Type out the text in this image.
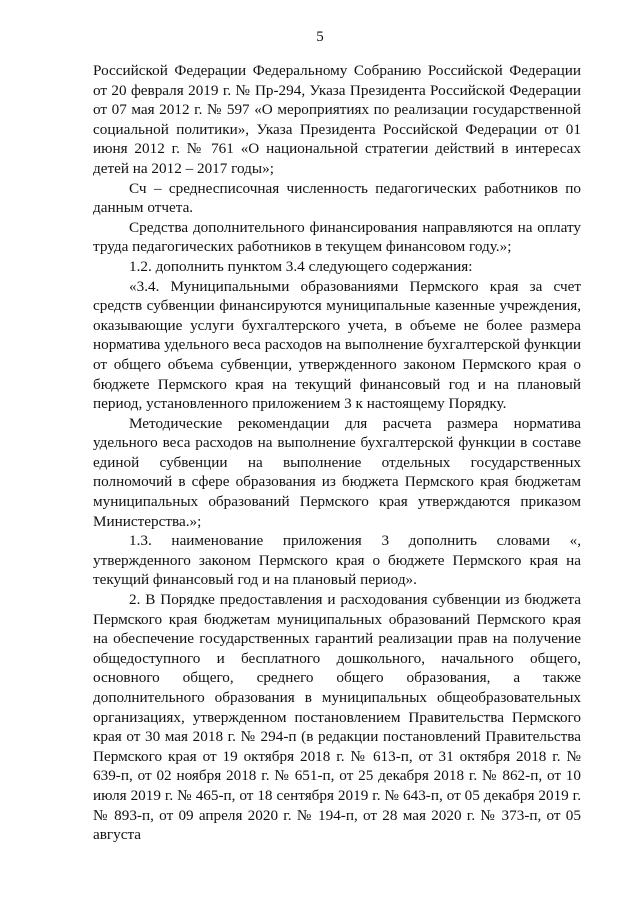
5

Российской Федерации Федеральному Собранию Российской Федерации от 20 февраля 2019 г. № Пр-294, Указа Президента Российской Федерации от 07 мая 2012 г. № 597 «О мероприятиях по реализации государственной социальной политики», Указа Президента Российской Федерации от 01 июня 2012 г. № 761 «О национальной стратегии действий в интересах детей на 2012 – 2017 годы»;

Сч – среднесписочная численность педагогических работников по данным отчета.

Средства дополнительного финансирования направляются на оплату труда педагогических работников в текущем финансовом году.»;

1.2. дополнить пунктом 3.4 следующего содержания:

«3.4. Муниципальными образованиями Пермского края за счет средств субвенции финансируются муниципальные казенные учреждения, оказывающие услуги бухгалтерского учета, в объеме не более размера норматива удельного веса расходов на выполнение бухгалтерской функции от общего объема субвенции, утвержденного законом Пермского края о бюджете Пермского края на текущий финансовый год и на плановый период, установленного приложением 3 к настоящему Порядку.

Методические рекомендации для расчета размера норматива удельного веса расходов на выполнение бухгалтерской функции в составе единой субвенции на выполнение отдельных государственных полномочий в сфере образования из бюджета Пермского края бюджетам муниципальных образований Пермского края утверждаются приказом Министерства.»;

1.3. наименование приложения 3 дополнить словами «, утвержденного законом Пермского края о бюджете Пермского края на текущий финансовый год и на плановый период».

2. В Порядке предоставления и расходования субвенции из бюджета Пермского края бюджетам муниципальных образований Пермского края на обеспечение государственных гарантий реализации прав на получение общедоступного и бесплатного дошкольного, начального общего, основного общего, среднего общего образования, а также дополнительного образования в муниципальных общеобразовательных организациях, утвержденном постановлением Правительства Пермского края от 30 мая 2018 г. № 294-п (в редакции постановлений Правительства Пермского края от 19 октября 2018 г. № 613-п, от 31 октября 2018 г. № 639-п, от 02 ноября 2018 г. № 651-п, от 25 декабря 2018 г. № 862-п, от 10 июля 2019 г. № 465-п, от 18 сентября 2019 г. № 643-п, от 05 декабря 2019 г. № 893-п, от 09 апреля 2020 г. № 194-п, от 28 мая 2020 г. № 373-п, от 05 августа
